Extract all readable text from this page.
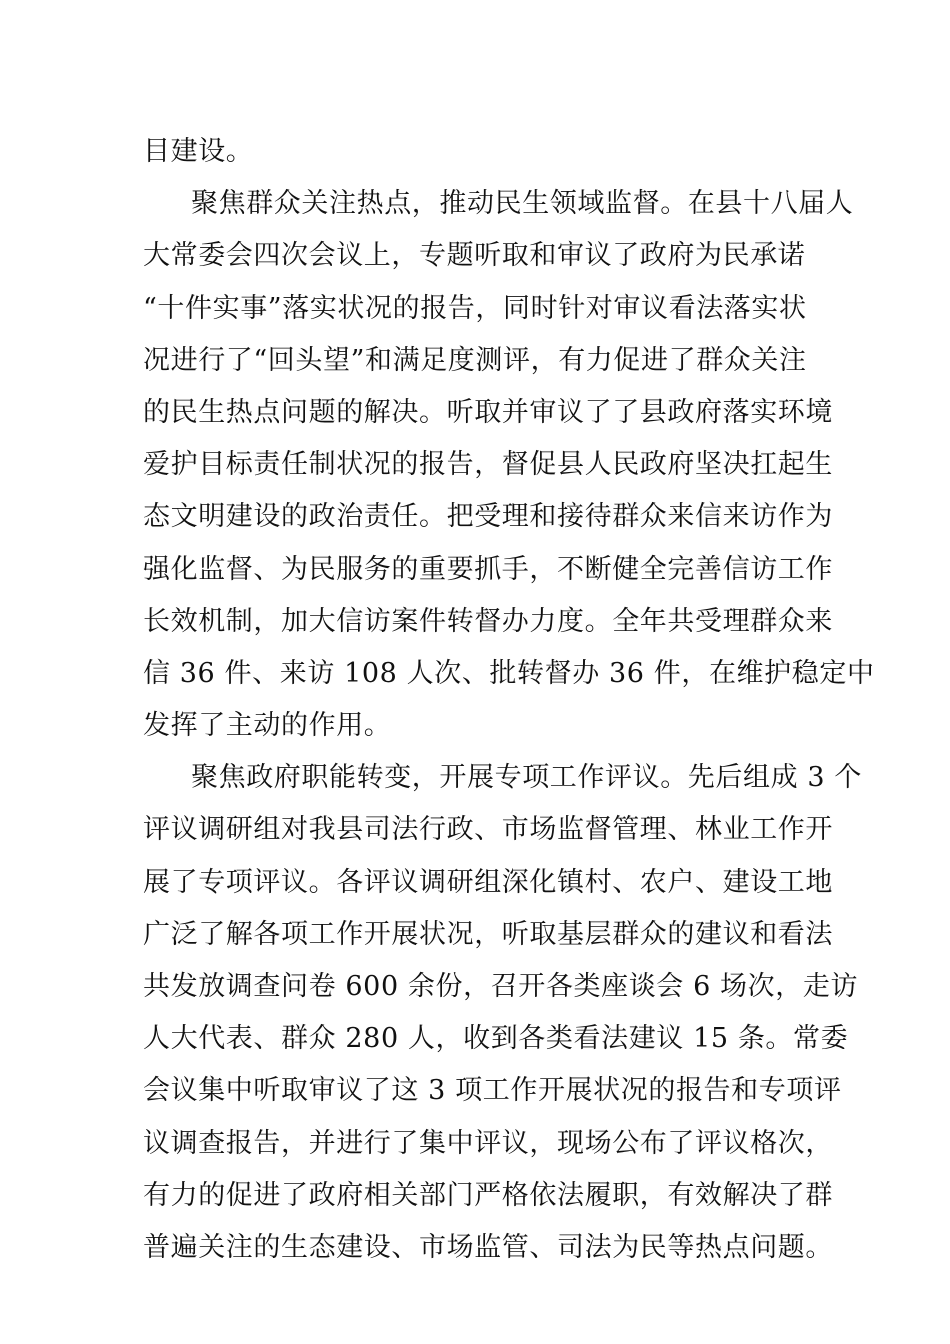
目建设。
聚焦群众关注热点，推动民生领域监督。在县十八届人
大常委会四次会议上，专题听取和审议了政府为民承诺
“十件实事”落实状况的报告，同时针对审议看法落实状
况进行了“回头望”和满足度测评，有力促进了群众关注
的民生热点问题的解决。听取并审议了了县政府落实环境
爱护目标责任制状况的报告，督促县人民政府坚决扛起生
态文明建设的政治责任。把受理和接待群众来信来访作为
强化监督、为民服务的重要抓手，不断健全完善信访工作
长效机制，加大信访案件转督办力度。全年共受理群众来
信 36 件、来访 108 人次、批转督办 36 件，在维护稳定中
发挥了主动的作用。
聚焦政府职能转变，开展专项工作评议。先后组成 3 个
评议调研组对我县司法行政、市场监督管理、林业工作开
展了专项评议。各评议调研组深化镇村、农户、建设工地
广泛了解各项工作开展状况，听取基层群众的建议和看法
共发放调查问卷 600 余份，召开各类座谈会 6 场次，走访
人大代表、群众 280 人，收到各类看法建议 15 条。常委
会议集中听取审议了这 3 项工作开展状况的报告和专项评
议调查报告，并进行了集中评议，现场公布了评议格次，
有力的促进了政府相关部门严格依法履职，有效解决了群
普遍关注的生态建设、市场监管、司法为民等热点问题。
